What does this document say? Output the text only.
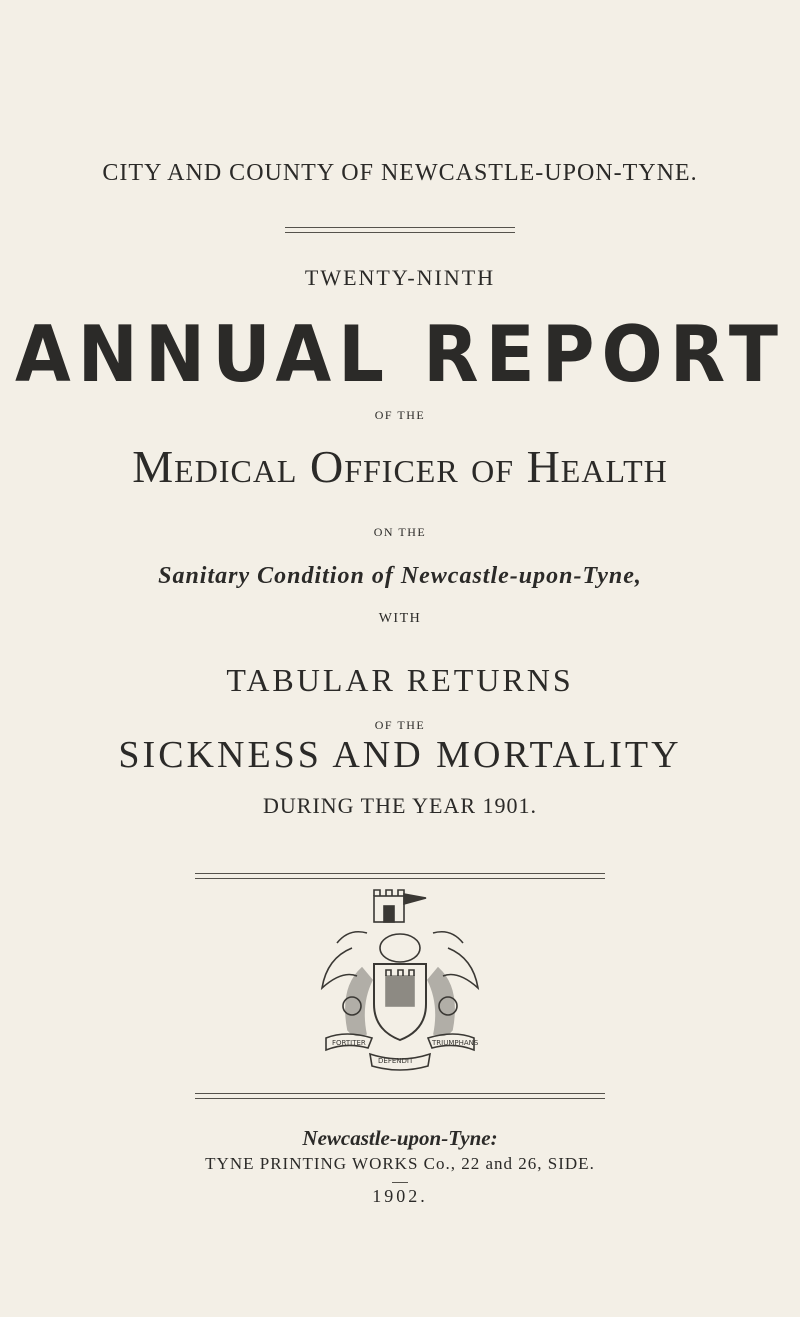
CITY AND COUNTY OF NEWCASTLE-UPON-TYNE.
TWENTY-NINTH
ANNUAL REPORT
OF THE
Medical Officer of Health
ON THE
Sanitary Condition of Newcastle-upon-Tyne,
WITH
TABULAR RETURNS
OF THE
SICKNESS AND MORTALITY
DURING THE YEAR 1901.
FORTITER	TRIUMPHANS
DEFENDIT
Newcastle-upon-Tyne:
TYNE PRINTING WORKS Co., 22 and 26, SIDE.
1902.
